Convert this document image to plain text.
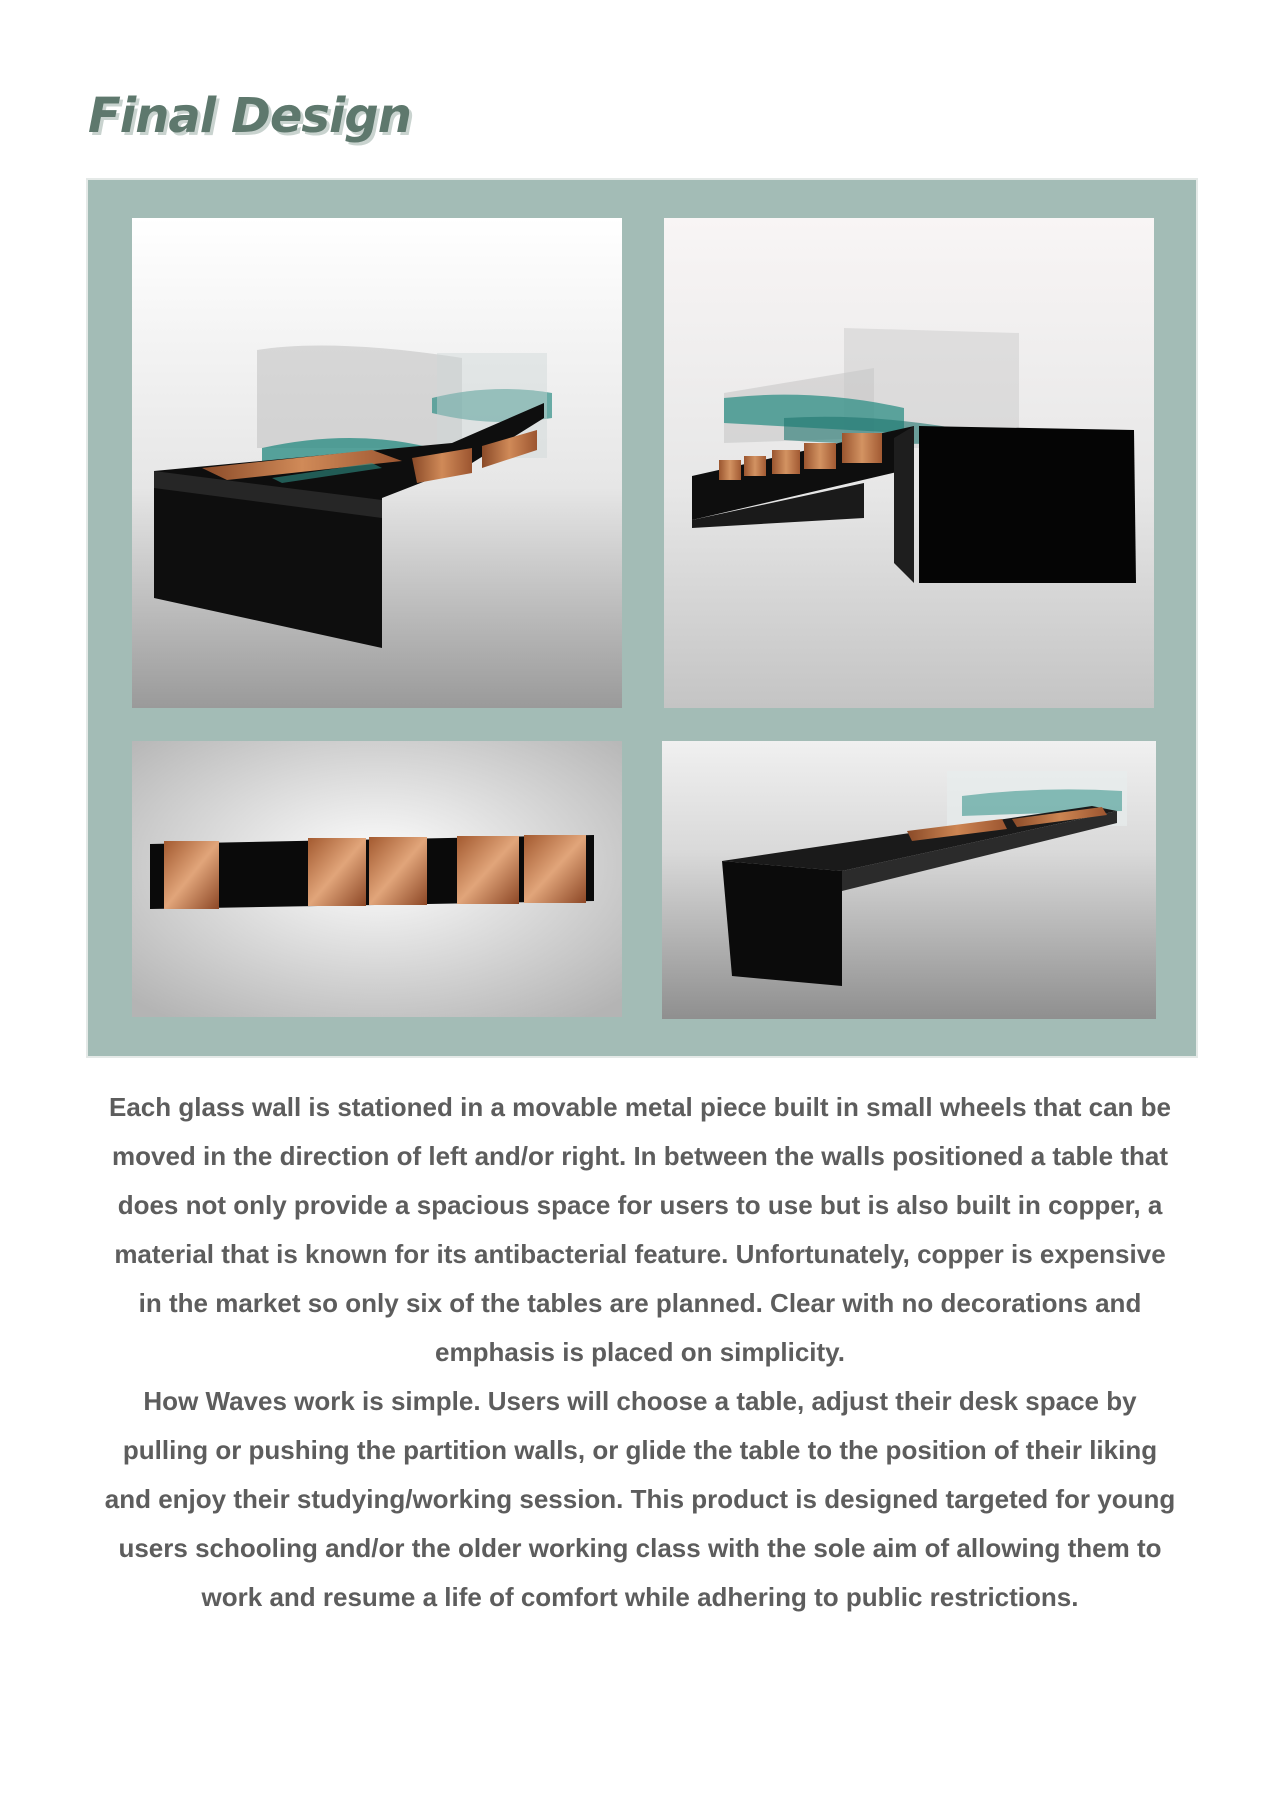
Final Design

Each glass wall is stationed in a movable metal piece built in small wheels that can be moved in the direction of left and/or right. In between the walls positioned a table that does not only provide a spacious space for users to use but is also built in copper, a material that is known for its antibacterial feature. Unfortunately, copper is expensive in the market so only six of the tables are planned. Clear with no decorations and emphasis is placed on simplicity.

How Waves work is simple. Users will choose a table, adjust their desk space by pulling or pushing the partition walls, or glide the table to the position of their liking and enjoy their studying/working session. This product is designed targeted for young users schooling and/or the older working class with the sole aim of allowing them to work and resume a life of comfort while adhering to public restrictions.
